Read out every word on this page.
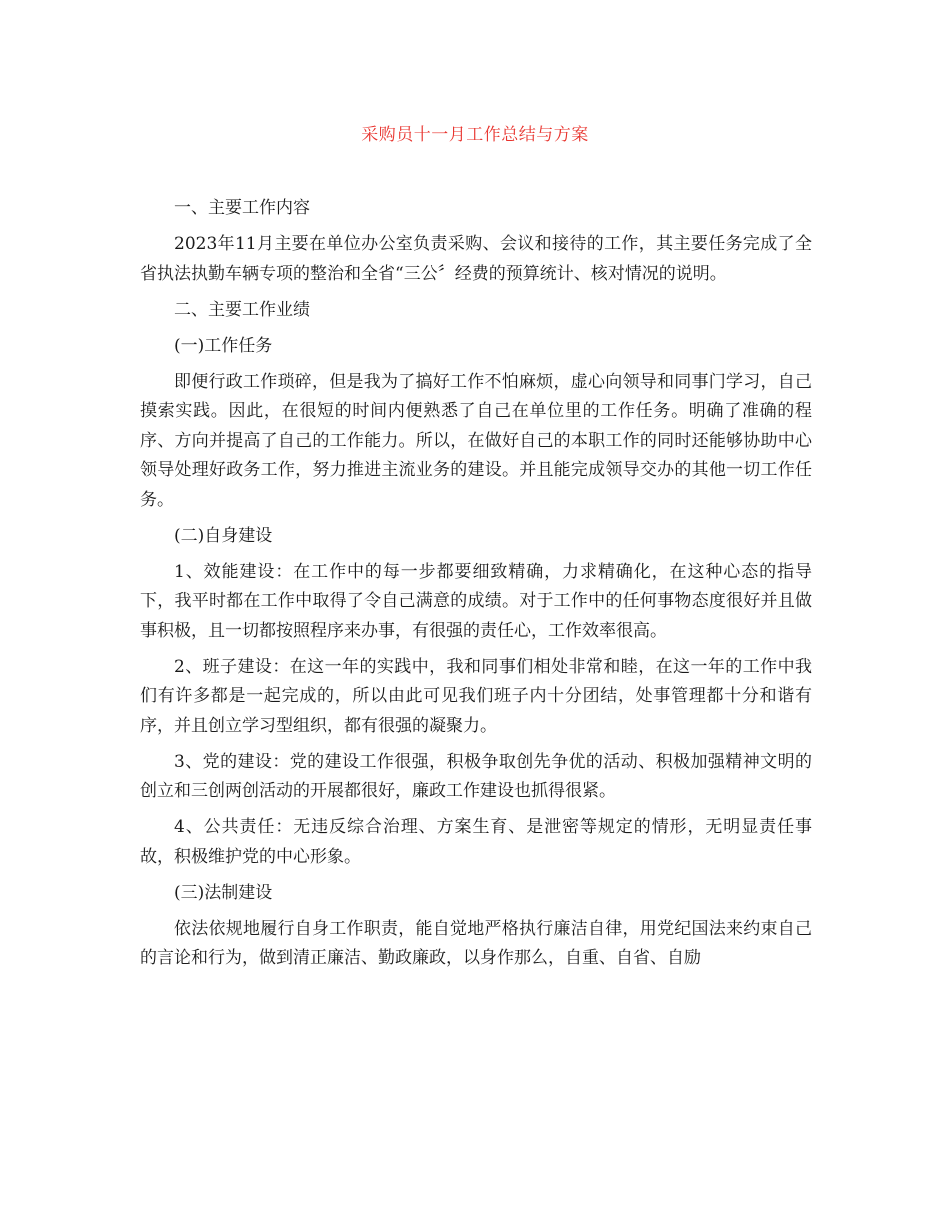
采购员十一月工作总结与方案

一、主要工作内容

2023年11月主要在单位办公室负责采购、会议和接待的工作，其主要任务完成了全省执法执勤车辆专项的整治和全省“三公〞经费的预算统计、核对情况的说明。

二、主要工作业绩

(一)工作任务

即便行政工作琐碎，但是我为了搞好工作不怕麻烦，虚心向领导和同事门学习，自己摸索实践。因此，在很短的时间内便熟悉了自己在单位里的工作任务。明确了准确的程序、方向并提高了自己的工作能力。所以，在做好自己的本职工作的同时还能够协助中心领导处理好政务工作，努力推进主流业务的建设。并且能完成领导交办的其他一切工作任务。

(二)自身建设

1、效能建设：在工作中的每一步都要细致精确，力求精确化，在这种心态的指导下，我平时都在工作中取得了令自己满意的成绩。对于工作中的任何事物态度很好并且做事积极，且一切都按照程序来办事，有很强的责任心，工作效率很高。

2、班子建设：在这一年的实践中，我和同事们相处非常和睦，在这一年的工作中我们有许多都是一起完成的，所以由此可见我们班子内十分团结，处事管理都十分和谐有序，并且创立学习型组织，都有很强的凝聚力。

3、党的建设：党的建设工作很强，积极争取创先争优的活动、积极加强精神文明的创立和三创两创活动的开展都很好，廉政工作建设也抓得很紧。

4、公共责任：无违反综合治理、方案生育、是泄密等规定的情形，无明显责任事故，积极维护党的中心形象。

(三)法制建设

依法依规地履行自身工作职责，能自觉地严格执行廉洁自律，用党纪国法来约束自己的言论和行为，做到清正廉洁、勤政廉政，以身作那么，自重、自省、自励
